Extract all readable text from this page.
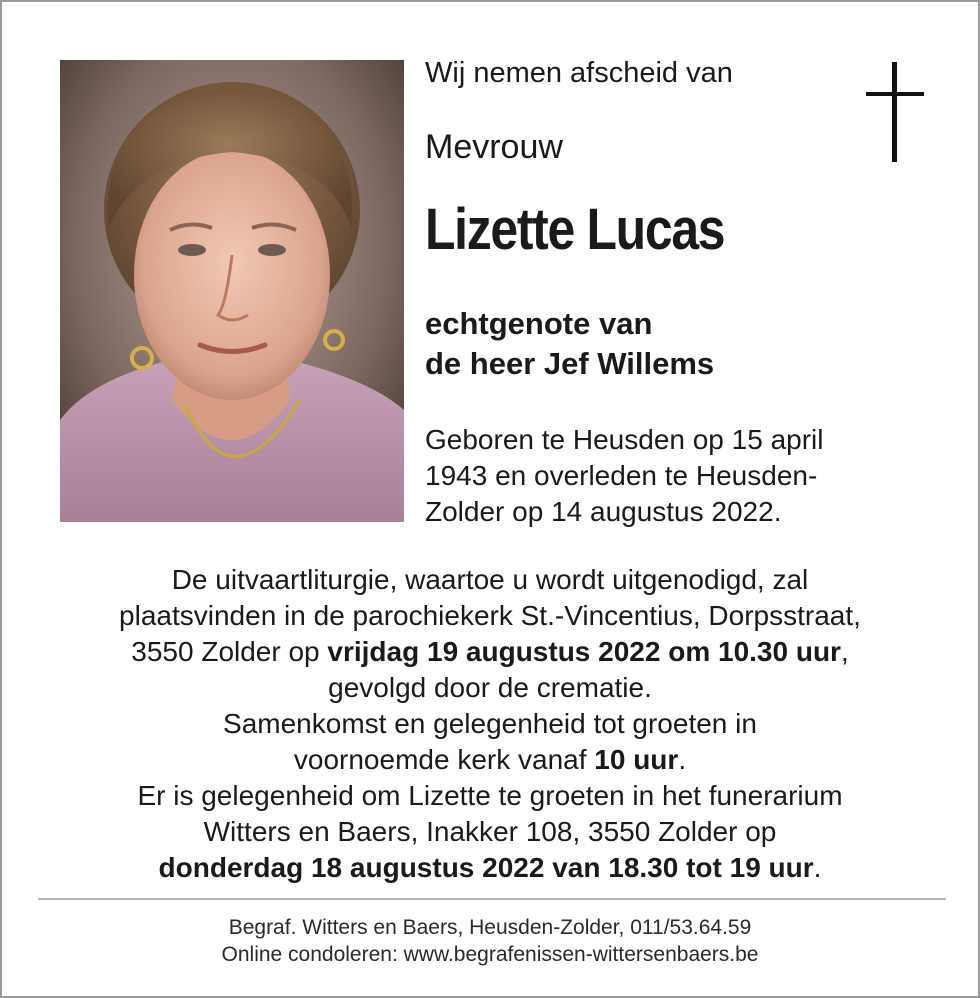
Wij nemen afscheid van
Mevrouw
Lizette Lucas
echtgenote van
de heer Jef Willems
Geboren te Heusden op 15 april
1943 en overleden te Heusden-
Zolder op 14 augustus 2022.
De uitvaartliturgie, waartoe u wordt uitgenodigd, zal
plaatsvinden in de parochiekerk St.-Vincentius, Dorpsstraat,
3550 Zolder op vrijdag 19 augustus 2022 om 10.30 uur,
gevolgd door de crematie.
Samenkomst en gelegenheid tot groeten in
voornoemde kerk vanaf 10 uur.
Er is gelegenheid om Lizette te groeten in het funerarium
Witters en Baers, Inakker 108, 3550 Zolder op
donderdag 18 augustus 2022 van 18.30 tot 19 uur.
Begraf. Witters en Baers, Heusden-Zolder, 011/53.64.59
Online condoleren: www.begrafenissen-wittersenbaers.be
